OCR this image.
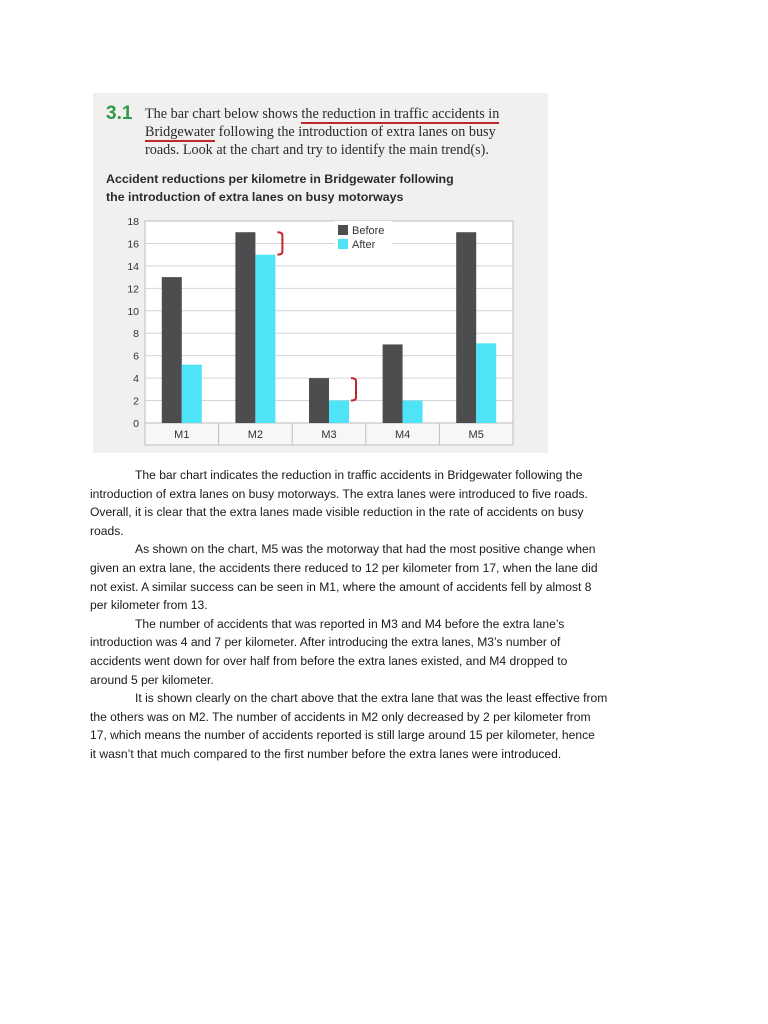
3.1 The bar chart below shows the reduction in traffic accidents in
Bridgewater following the introduction of extra lanes on busy
roads. Look at the chart and try to identify the main trend(s).
Accident reductions per kilometre in Bridgewater following
the introduction of extra lanes on busy motorways
0
2
4
6
8
10
12
14
16
18
M1	M2	M3	M4	M5
Before
After
The bar chart indicates the reduction in traffic accidents in Bridgewater following the
introduction of extra lanes on busy motorways. The extra lanes were introduced to five roads.
Overall, it is clear that the extra lanes made visible reduction in the rate of accidents on busy
roads.
As shown on the chart, M5 was the motorway that had the most positive change when
given an extra lane, the accidents there reduced to 12 per kilometer from 17, when the lane did
not exist. A similar success can be seen in M1, where the amount of accidents fell by almost 8
per kilometer from 13.
The number of accidents that was reported in M3 and M4 before the extra lane’s
introduction was 4 and 7 per kilometer. After introducing the extra lanes, M3’s number of
accidents went down for over half from before the extra lanes existed, and M4 dropped to
around 5 per kilometer.
It is shown clearly on the chart above that the extra lane that was the least effective from
the others was on M2. The number of accidents in M2 only decreased by 2 per kilometer from
17, which means the number of accidents reported is still large around 15 per kilometer, hence
it wasn’t that much compared to the first number before the extra lanes were introduced.
